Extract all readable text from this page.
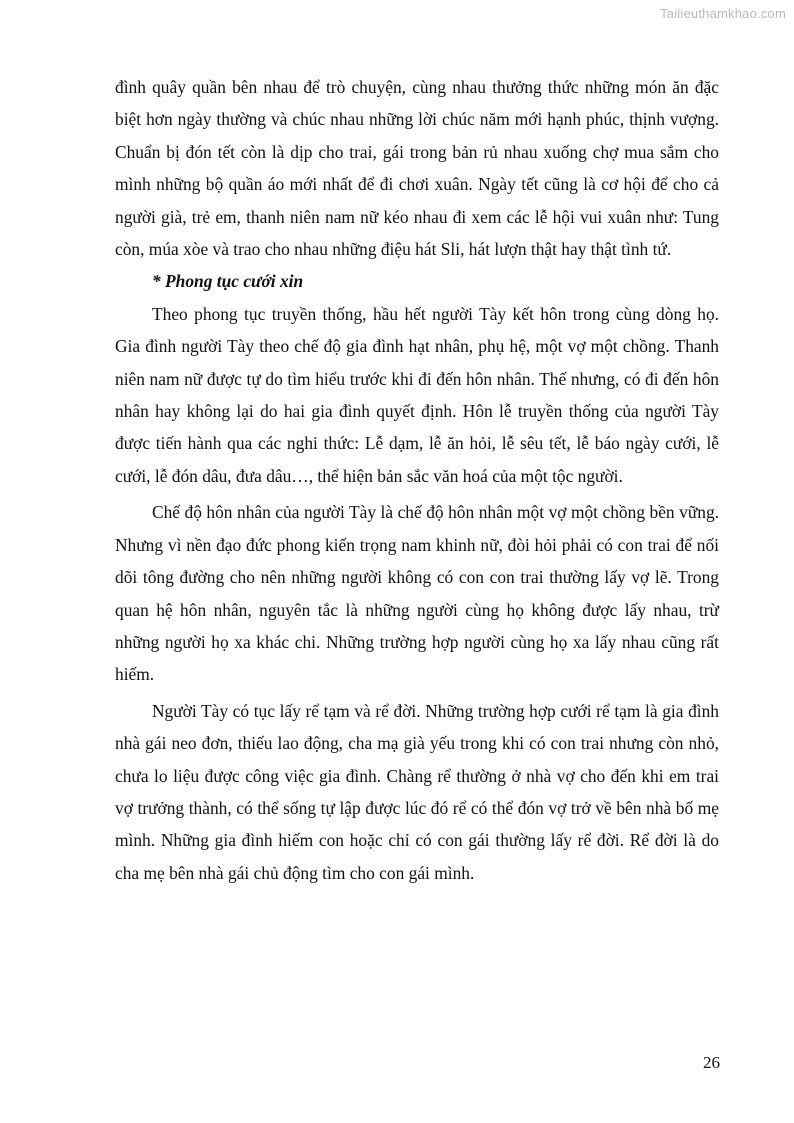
Tailieuthamkhao.com

đình quây quần bên nhau để trò chuyện, cùng nhau thưởng thức những món ăn đặc biệt hơn ngày thường và chúc nhau những lời chúc năm mới hạnh phúc, thịnh vượng. Chuẩn bị đón tết còn là dịp cho trai, gái trong bản rủ nhau xuống chợ mua sắm cho mình những bộ quần áo mới nhất để đi chơi xuân. Ngày tết cũng là cơ hội để cho cả người già, trẻ em, thanh niên nam nữ kéo nhau đi xem các lễ hội vui xuân như: Tung còn, múa xòe và trao cho nhau những điệu hát Sli, hát lượn thật hay thật tình tứ.

* Phong tục cưới xin

Theo phong tục truyền thống, hầu hết người Tày kết hôn trong cùng dòng họ. Gia đình người Tày theo chế độ gia đình hạt nhân, phụ hệ, một vợ một chồng. Thanh niên nam nữ được tự do tìm hiểu trước khi đi đến hôn nhân. Thế nhưng, có đi đến hôn nhân hay không lại do hai gia đình quyết định. Hôn lễ truyền thống của người Tày được tiến hành qua các nghi thức: Lễ dạm, lễ ăn hỏi, lễ sêu tết, lễ báo ngày cưới, lễ cưới, lễ đón dâu, đưa dâu…, thể hiện bản sắc văn hoá của một tộc người.

Chế độ hôn nhân của người Tày là chế độ hôn nhân một vợ một chồng bền vững. Nhưng vì nền đạo đức phong kiến trọng nam khinh nữ, đòi hỏi phải có con trai để nối dõi tông đường cho nên những người không có con con trai thường lấy vợ lẽ. Trong quan hệ hôn nhân, nguyên tắc là những người cùng họ không được lấy nhau, trừ những người họ xa khác chi. Những trường hợp người cùng họ xa lấy nhau cũng rất hiếm.

Người Tày có tục lấy rể tạm và rể đời. Những trường hợp cưới rể tạm là gia đình nhà gái neo đơn, thiếu lao động, cha mạ già yếu trong khi có con trai nhưng còn nhỏ, chưa lo liệu được công việc gia đình. Chàng rể thường ở nhà vợ cho đến khi em trai vợ trưởng thành, có thể sống tự lập được lúc đó rể có thể đón vợ trở về bên nhà bố mẹ mình. Những gia đình hiếm con hoặc chỉ có con gái thường lấy rể đời. Rể đời là do cha mẹ bên nhà gái chủ động tìm cho con gái mình.

26
